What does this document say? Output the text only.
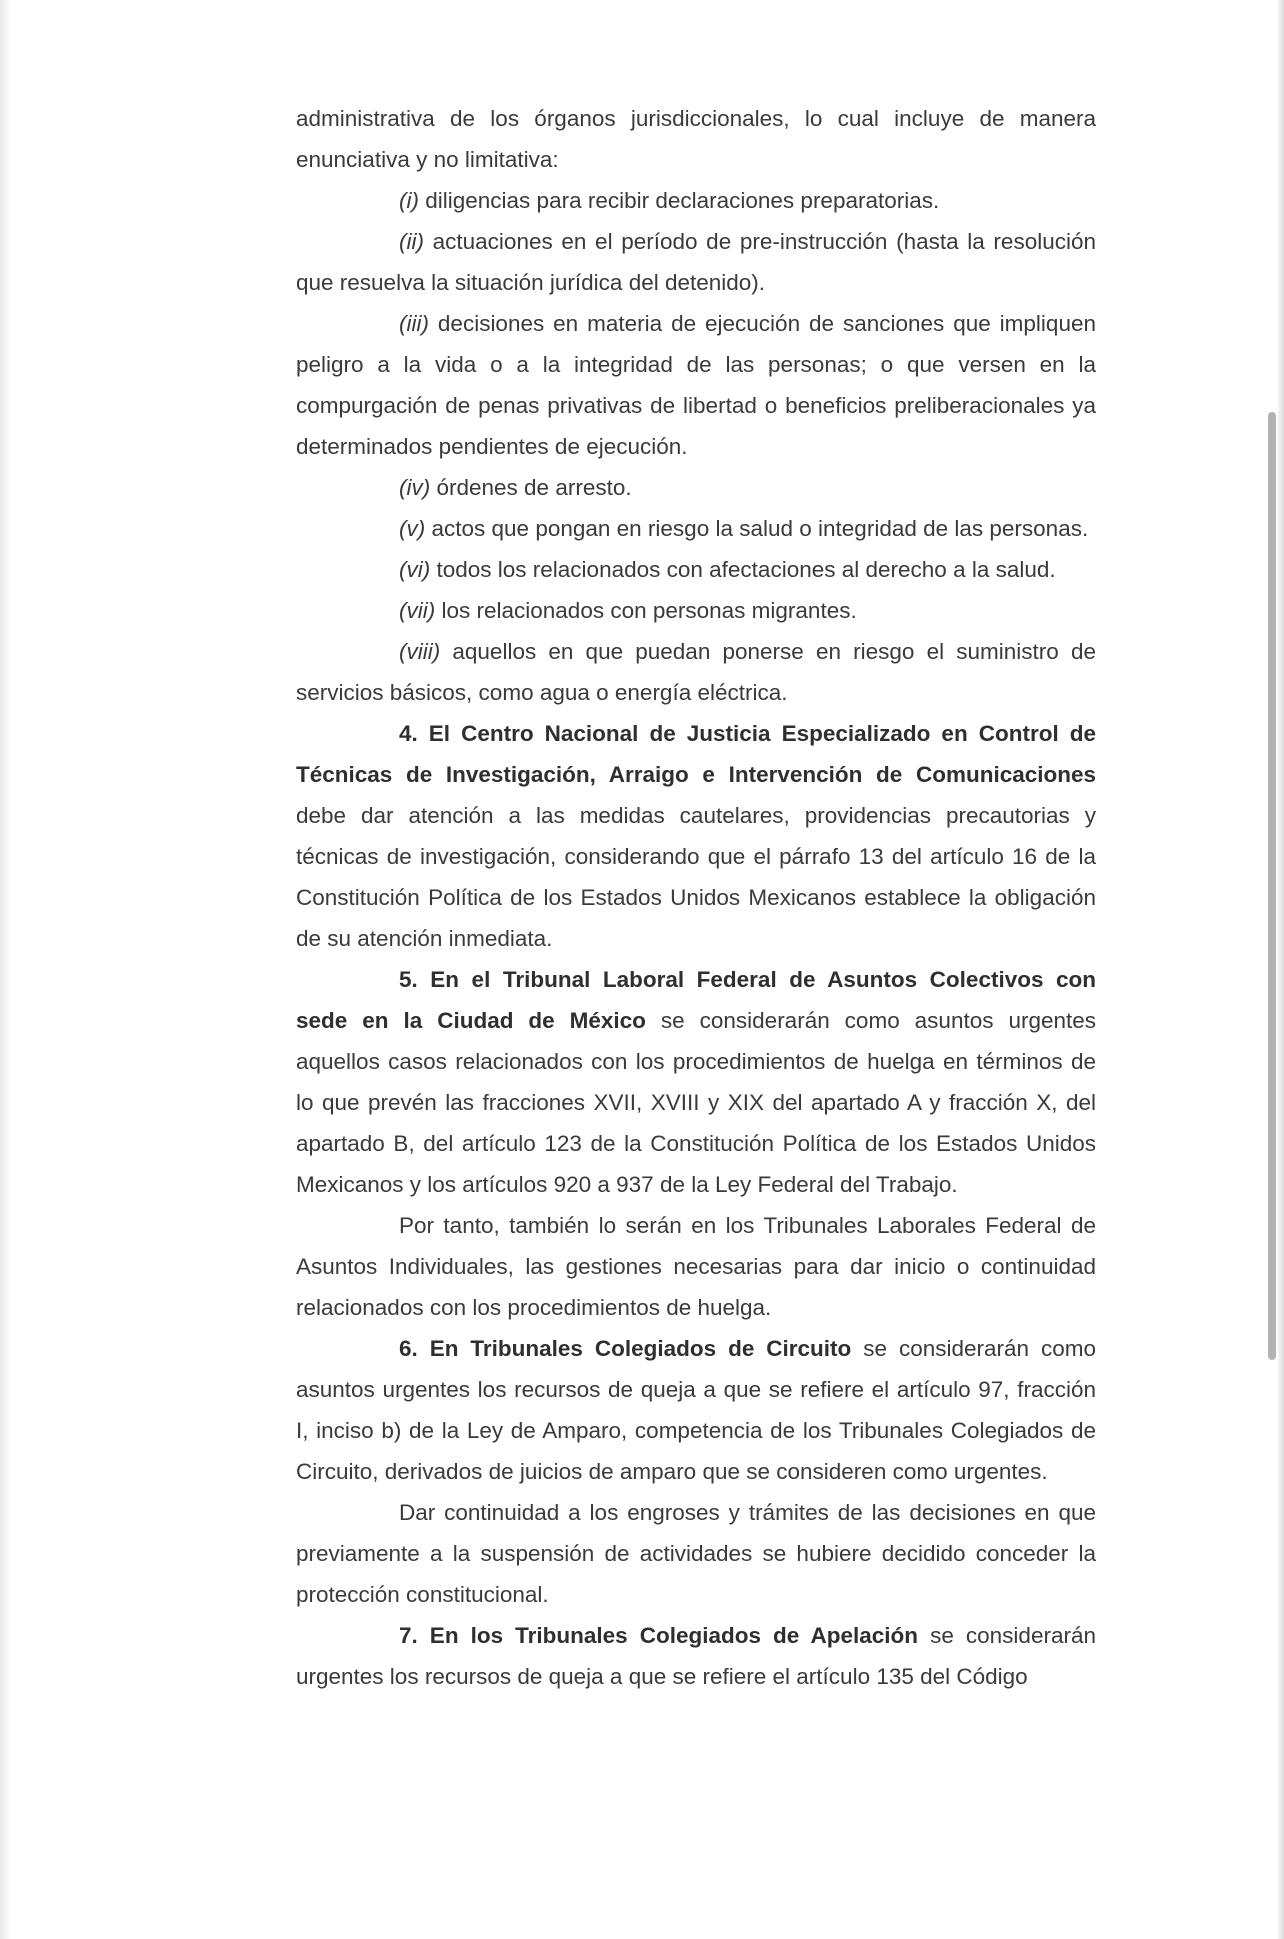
administrativa de los órganos jurisdiccionales, lo cual incluye de manera enunciativa y no limitativa:

(i) diligencias para recibir declaraciones preparatorias.

(ii) actuaciones en el período de pre-instrucción (hasta la resolución que resuelva la situación jurídica del detenido).

(iii) decisiones en materia de ejecución de sanciones que impliquen peligro a la vida o a la integridad de las personas; o que versen en la compurgación de penas privativas de libertad o beneficios preliberacionales ya determinados pendientes de ejecución.

(iv) órdenes de arresto.

(v) actos que pongan en riesgo la salud o integridad de las personas.

(vi) todos los relacionados con afectaciones al derecho a la salud.

(vii) los relacionados con personas migrantes.

(viii) aquellos en que puedan ponerse en riesgo el suministro de servicios básicos, como agua o energía eléctrica.

4. El Centro Nacional de Justicia Especializado en Control de Técnicas de Investigación, Arraigo e Intervención de Comunicaciones debe dar atención a las medidas cautelares, providencias precautorias y técnicas de investigación, considerando que el párrafo 13 del artículo 16 de la Constitución Política de los Estados Unidos Mexicanos establece la obligación de su atención inmediata.

5. En el Tribunal Laboral Federal de Asuntos Colectivos con sede en la Ciudad de México se considerarán como asuntos urgentes aquellos casos relacionados con los procedimientos de huelga en términos de lo que prevén las fracciones XVII, XVIII y XIX del apartado A y fracción X, del apartado B, del artículo 123 de la Constitución Política de los Estados Unidos Mexicanos y los artículos 920 a 937 de la Ley Federal del Trabajo.

Por tanto, también lo serán en los Tribunales Laborales Federal de Asuntos Individuales, las gestiones necesarias para dar inicio o continuidad relacionados con los procedimientos de huelga.

6. En Tribunales Colegiados de Circuito se considerarán como asuntos urgentes los recursos de queja a que se refiere el artículo 97, fracción I, inciso b) de la Ley de Amparo, competencia de los Tribunales Colegiados de Circuito, derivados de juicios de amparo que se consideren como urgentes.

Dar continuidad a los engroses y trámites de las decisiones en que previamente a la suspensión de actividades se hubiere decidido conceder la protección constitucional.

7. En los Tribunales Colegiados de Apelación se considerarán urgentes los recursos de queja a que se refiere el artículo 135 del Código
